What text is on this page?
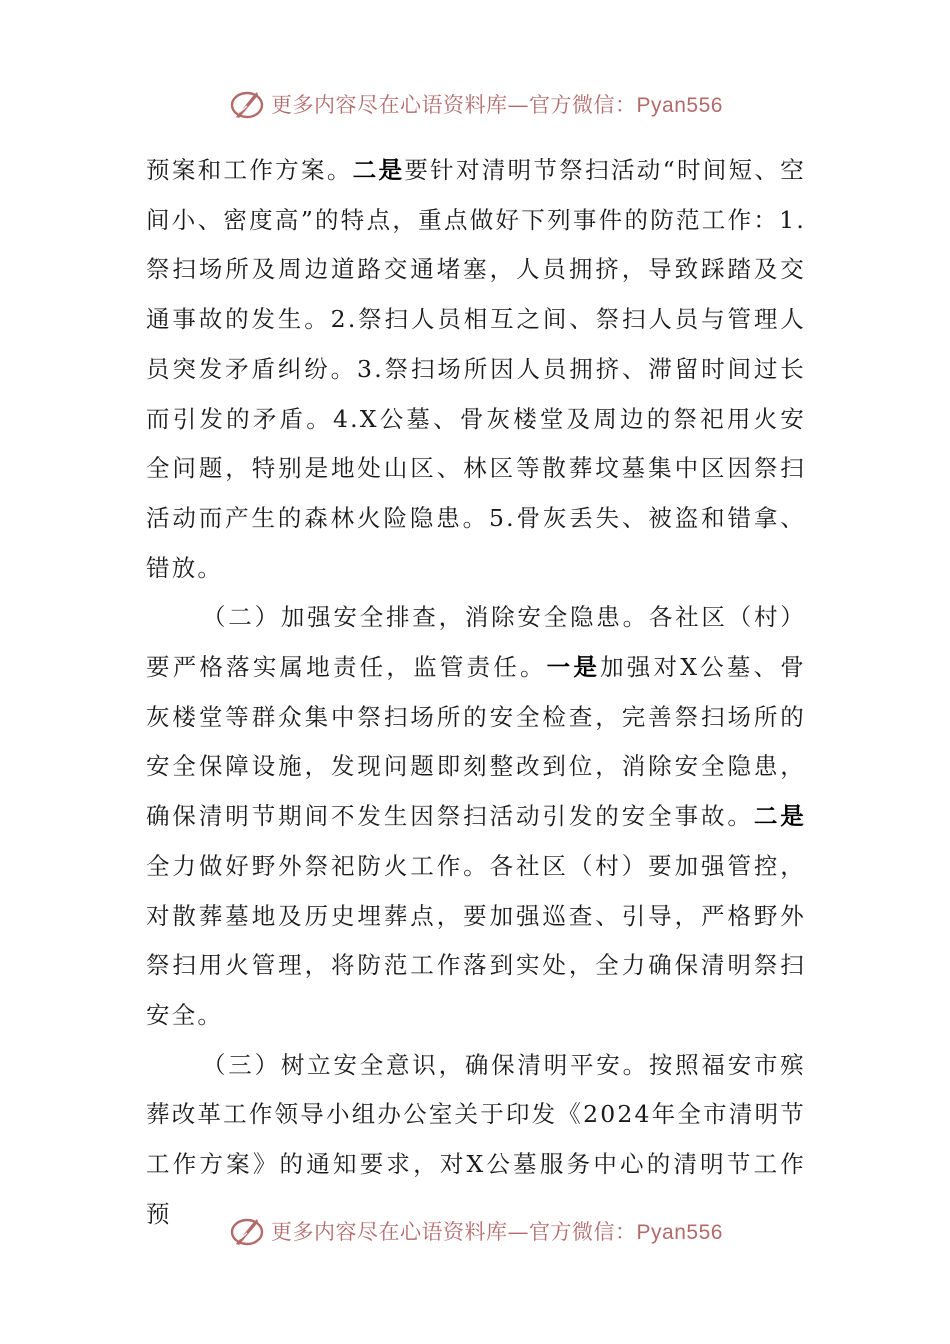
更多内容尽在心语资料库—官方微信：Pyan556

预案和工作方案。二是要针对清明节祭扫活动“时间短、空间小、密度高”的特点，重点做好下列事件的防范工作：1.祭扫场所及周边道路交通堵塞，人员拥挤，导致踩踏及交通事故的发生。2.祭扫人员相互之间、祭扫人员与管理人员突发矛盾纠纷。3.祭扫场所因人员拥挤、滞留时间过长而引发的矛盾。4.X公墓、骨灰楼堂及周边的祭祀用火安全问题，特别是地处山区、林区等散葬坟墓集中区因祭扫活动而产生的森林火险隐患。5.骨灰丢失、被盗和错拿、错放。

（二）加强安全排查，消除安全隐患。各社区（村）要严格落实属地责任，监管责任。一是加强对X公墓、骨灰楼堂等群众集中祭扫场所的安全检查，完善祭扫场所的安全保障设施，发现问题即刻整改到位，消除安全隐患，确保清明节期间不发生因祭扫活动引发的安全事故。二是全力做好野外祭祀防火工作。各社区（村）要加强管控，对散葬墓地及历史埋葬点，要加强巡查、引导，严格野外祭扫用火管理，将防范工作落到实处，全力确保清明祭扫安全。

（三）树立安全意识，确保清明平安。按照福安市殡葬改革工作领导小组办公室关于印发《2024年全市清明节工作方案》的通知要求，对X公墓服务中心的清明节工作预

更多内容尽在心语资料库—官方微信：Pyan556
